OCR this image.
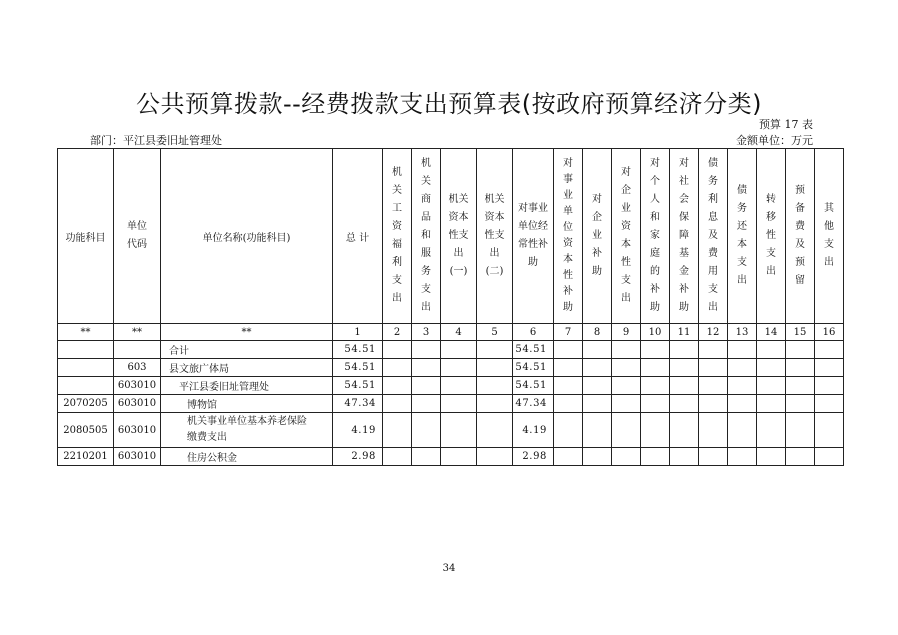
公共预算拨款--经费拨款支出预算表(按政府预算经济分类)
预算 17 表
部门：平江县委旧址管理处	金额单位：万元
功能科目	单位代码	单位名称(功能科目)	总 计	机关工资福利支出	机关商品和服务支出	机关资本性支出(一)	机关资本性支出(二)	对事业单位经常性补助	对事业单位资本性补助	对企业补助	对企业资本性支出	对个人和家庭的补助	对社会保障基金补助	债务利息及费用支出	债务还本支出	转移性支出	预备费及预留	其他支出

**	**	**	1	2	3	4	5	6	7	8	9	10	11	12	13	14	15	16
		合计	54.51					54.51										
	603	县文旅广体局	54.51					54.51										
	603010	平江县委旧址管理处	54.51					54.51										
2070205	603010	博物馆	47.34					47.34										
2080505	603010	机关事业单位基本养老保险缴费支出	4.19					4.19										
2210201	603010	住房公积金	2.98					2.98										
34
